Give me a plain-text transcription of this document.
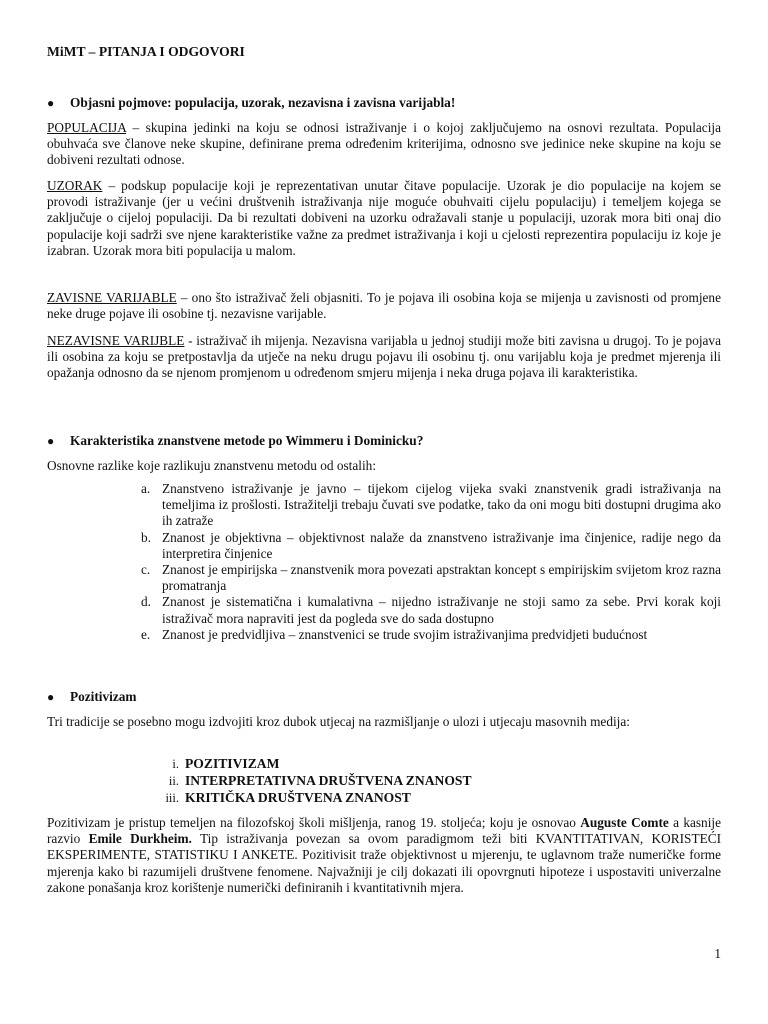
MiMT – PITANJA I ODGOVORI
● Objasni pojmove: populacija, uzorak, nezavisna i zavisna varijabla!

POPULACIJA – skupina jedinki na koju se odnosi istraživanje i o kojoj zaključujemo na osnovi rezultata. Populacija obuhvaća sve članove neke skupine, definirane prema određenim kriterijima, odnosno sve jedinice neke skupine na koju se dobiveni rezultati odnose.

UZORAK – podskup populacije koji je reprezentativan unutar čitave populacije. Uzorak je dio populacije na kojem se provodi istraživanje (jer u većini društvenih istraživanja nije moguće obuhvaiti cijelu populaciju) i temeljem kojega se zaključuje o cijeloj populaciji. Da bi rezultati dobiveni na uzorku odražavali stanje u populaciji, uzorak mora biti onaj dio populacije koji sadrži sve njene karakteristike važne za predmet istraživanja i koji u cjelosti reprezentira populaciju iz koje je izabran. Uzorak mora biti populacija u malom.

ZAVISNE VARIJABLE – ono što istraživač želi objasniti. To je pojava ili osobina koja se mijenja u zavisnosti od promjene neke druge pojave ili osobine tj. nezavisne varijable.

NEZAVISNE VARIJBLE - istraživač ih mijenja. Nezavisna varijabla u jednoj studiji može biti zavisna u drugoj. To je pojava ili osobina za koju se pretpostavlja da utječe na neku drugu pojavu ili osobinu tj. onu varijablu koja je predmet mjerenja ili opažanja odnosno da se njenom promjenom u određenom smjeru mijenja i neka druga pojava ili karakteristika.

● Karakteristika znanstvene metode po Wimmeru i Dominicku?

Osnovne razlike koje razlikuju znanstvenu metodu od ostalih:

a. Znanstveno istraživanje je javno – tijekom cijelog vijeka svaki znanstvenik gradi istraživanja na temeljima iz prošlosti. Istražitelji trebaju čuvati sve podatke, tako da oni mogu biti dostupni drugima ako ih zatraže
b. Znanost je objektivna – objektivnost nalaže da znanstveno istraživanje ima činjenice, radije nego da interpretira činjenice
c. Znanost je empirijska – znanstvenik mora povezati apstraktan koncept s empirijskim svijetom kroz razna promatranja
d. Znanost je sistematična i kumalativna – nijedno istraživanje ne stoji samo za sebe. Prvi korak koji istraživač mora napraviti jest da pogleda sve do sada dostupno
e. Znanost je predvidljiva – znanstvenici se trude svojim istraživanjima predvidjeti budućnost
● Pozitivizam

Tri tradicije se posebno mogu izdvojiti kroz dubok utjecaj na razmišljanje o ulozi i utjecaju masovnih medija:

i. POZITIVIZAM
ii. INTERPRETATIVNA DRUŠTVENA ZNANOST
iii. KRITIČKA DRUŠTVENA ZNANOST

Pozitivizam je pristup temeljen na filozofskoj školi mišljenja, ranog 19. stoljeća; koju je osnovao Auguste Comte a kasnije razvio Emile Durkheim. Tip istraživanja povezan sa ovom paradigmom teži biti KVANTITATIVAN, KORISTEĆI EKSPERIMENTE, STATISTIKU I ANKETE. Pozitivisit traže objektivnost u mjerenju, te uglavnom traže numeričke forme mjerenja kako bi razumijeli društvene fenomene. Najvažniji je cilj dokazati ili opovrgnuti hipoteze i uspostaviti univerzalne zakone ponašanja kroz korištenje numerički definiranih i kvantitativnih mjera.

1
